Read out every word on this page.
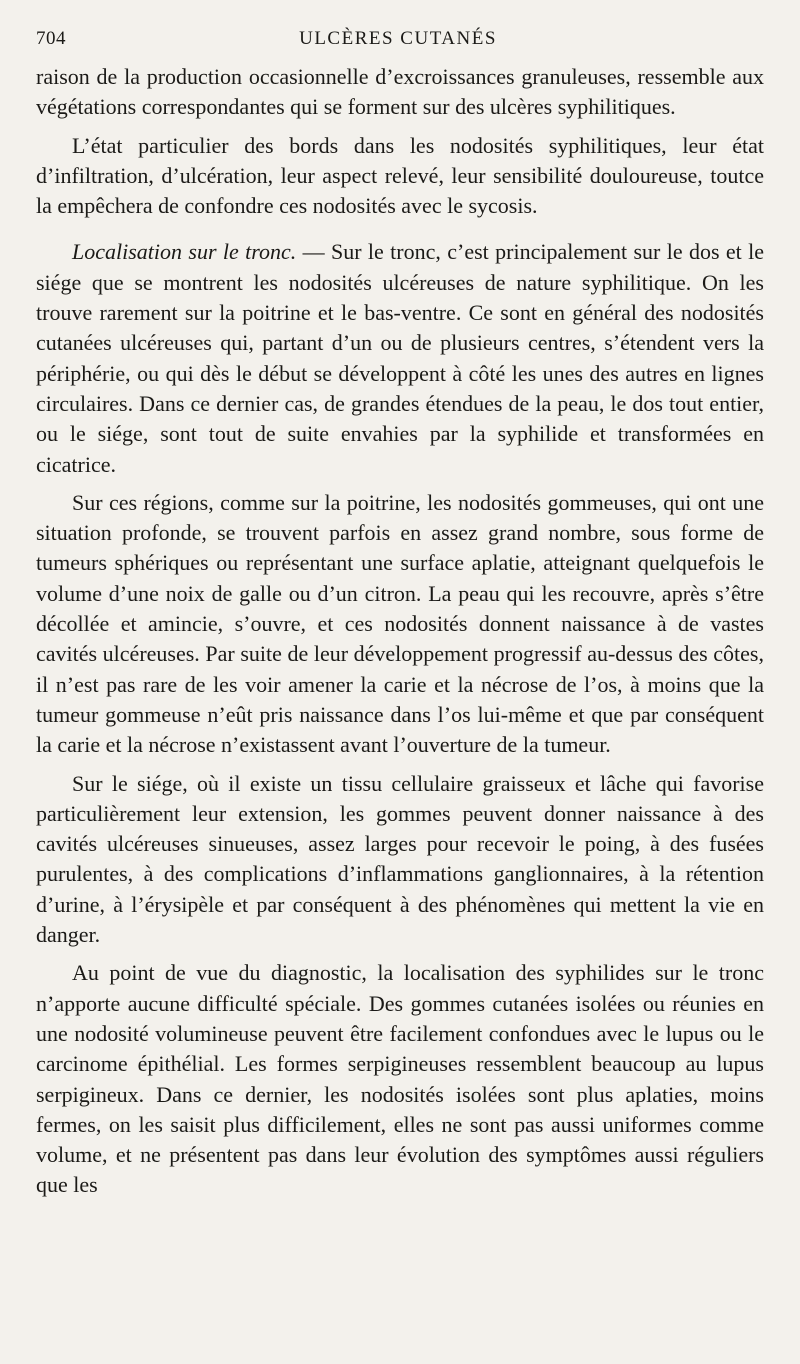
704	ULCÈRES CUTANÉS

raison de la production occasionnelle d’excroissances granuleuses, ressemble aux végétations correspondantes qui se forment sur des ulcères syphilitiques.

L’état particulier des bords dans les nodosités syphilitiques, leur état d’infiltration, d’ulcération, leur aspect relevé, leur sensibilité douloureuse, toutce la empêchera de confondre ces nodosités avec le sycosis.

Localisation sur le tronc. — Sur le tronc, c’est principalement sur le dos et le siége que se montrent les nodosités ulcéreuses de nature syphilitique. On les trouve rarement sur la poitrine et le bas-ventre. Ce sont en général des nodosités cutanées ulcéreuses qui, partant d’un ou de plusieurs centres, s’étendent vers la périphérie, ou qui dès le début se développent à côté les unes des autres en lignes circulaires. Dans ce dernier cas, de grandes étendues de la peau, le dos tout entier, ou le siége, sont tout de suite envahies par la syphilide et transformées en cicatrice.

Sur ces régions, comme sur la poitrine, les nodosités gommeuses, qui ont une situation profonde, se trouvent parfois en assez grand nombre, sous forme de tumeurs sphériques ou représentant une surface aplatie, atteignant quelquefois le volume d’une noix de galle ou d’un citron. La peau qui les recouvre, après s’être décollée et amincie, s’ouvre, et ces nodosités donnent naissance à de vastes cavités ulcéreuses. Par suite de leur développement progressif au-dessus des côtes, il n’est pas rare de les voir amener la carie et la nécrose de l’os, à moins que la tumeur gommeuse n’eût pris naissance dans l’os lui-même et que par conséquent la carie et la nécrose n’existassent avant l’ouverture de la tumeur.

Sur le siége, où il existe un tissu cellulaire graisseux et lâche qui favorise particulièrement leur extension, les gommes peuvent donner naissance à des cavités ulcéreuses sinueuses, assez larges pour recevoir le poing, à des fusées purulentes, à des complications d’inflammations ganglionnaires, à la rétention d’urine, à l’érysipèle et par conséquent à des phénomènes qui mettent la vie en danger.

Au point de vue du diagnostic, la localisation des syphilides sur le tronc n’apporte aucune difficulté spéciale. Des gommes cutanées isolées ou réunies en une nodosité volumineuse peuvent être facilement confondues avec le lupus ou le carcinome épithélial. Les formes serpigineuses ressemblent beaucoup au lupus serpigineux. Dans ce dernier, les nodosités isolées sont plus aplaties, moins fermes, on les saisit plus difficilement, elles ne sont pas aussi uniformes comme volume, et ne présentent pas dans leur évolution des symptômes aussi réguliers que les
